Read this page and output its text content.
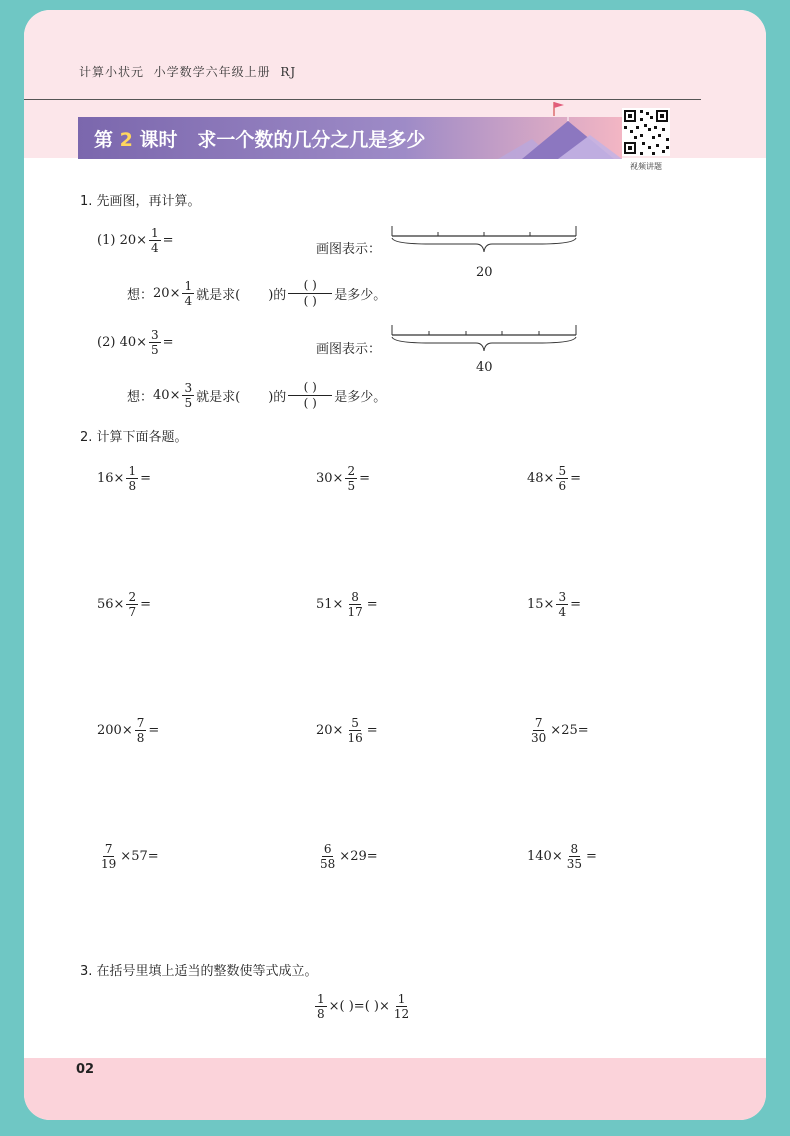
计算小状元 小学数学六年级上册 RJ
第 2 课时 求一个数的几分之几是多少
视频讲题
1. 先画图，再计算。
(1)
$20 \times \frac{1}{4}$ =
画图表示：
20
想： $20 \times \frac{1}{4}$ 就是求( )的 $\frac{( )}{( )}$ 是多少。
(2)
$40 \times \frac{3}{5}$ =	画图表示：
40
想： $40 \times \frac{3}{5}$ 就是求( )的 $\frac{( )}{( )}$ 是多少。
2. 计算下面各题。
$16 \times \frac{1}{8}$ =	$30 \times \frac{2}{5}$ =	$48 \times \frac{5}{6}$ =
$56 \times \frac{2}{7}$ =	$51 \times \frac{8}{17}$ =	$15 \times \frac{3}{4}$ =
$200 \times \frac{7}{8}$ =	$20 \times \frac{5}{16}$ =	$\frac{7}{30} \times 25$ =
$\frac{7}{19} \times 57$ =	$\frac{6}{58} \times 29$ =	$140 \times \frac{8}{35}$ =
3. 在括号里填上适当的整数使等式成立。
$\frac{1}{8}$ ×( )=( )× $\frac{1}{12}$
02
